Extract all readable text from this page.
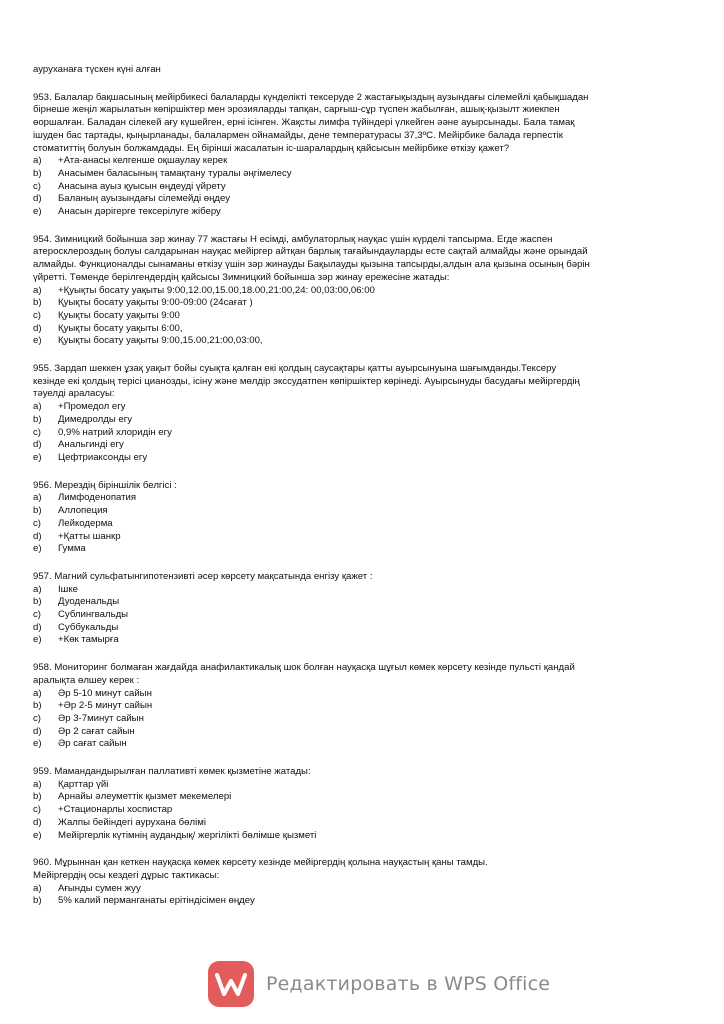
ауруханаға түскен күні алған
953. Балалар бақшасының мейірбикесі балаларды күнделікті тексеруде 2 жастағықыздың аузындағы сілемейлі қабықшадан
бірнеше жеңіл жарылатын көпіршіктер мен эрозияларды тапқан, сарғыш-сұр түспен жабылған, ашық-қызылт жиекпен
өоршалған. Баладан сілекей ағу күшейген, ерні ісінген. Жақсты лимфа түйіндері үлкейген әәне ауырсынады. Бала тамақ
ішуден бас тартады, қыңырланады, балалармен ойнамайды, дене температурасы 37,3ºС. Мейірбике балада герпестік
стоматиттің болуын болжамдады. Ең бірінші жасалатын іс-шаралардың қайсысын мейірбике өткізу қажет?
a)	+Ата-анасы келгенше оқшаулау керек
b)	Анасымен баласының тамақтану туралы әңгімелесу
c)	Анасына ауыз қуысын өңдеуді үйрету
d)	Баланың ауызындағы сілемейді өңдеу
e)	Анасын дәрігерге тексерілуге жіберу
954. Зимницкий бойынша зәр жинау 77 жастағы Н есімді, амбулаторлық науқас үшін күрделі тапсырма. Егде жаспен
атеросклероздың болуы салдарынан науқас мейіргер айтқан барлық тағайындауларды есте сақтай алмайды және орындай
алмайды. Функционалды сынаманы өткізу үшін зәр жинауды Бақылауды қызына тапсырды,алдын ала қызына осының бәрін
үйретті. Төменде берілгендердің қайсысы Зимницкий бойынша зәр жинау ережесіне жатады:
a)	+Қуықты босату уақыты 9:00,12.00,15.00,18.00,21:00,24: 00,03:00,06:00
b)	Қуықты босату уақыты 9:00-09:00 (24сағат )
c)	Қуықты босату уақыты 9:00
d)	Қуықты босату уақыты 6:00,
e)	Қуықты босату уақыты 9:00,15.00,21:00,03:00,
955. Зардап шеккен ұзақ уақыт бойы суықта қалған екі қолдың саусақтары қатты ауырсынуына шағымданды.Тексеру
кезінде екі қолдың терісі цианозды, ісіну және мөлдір экссудатпен көпіршіктер көрінеді. Ауырсынуды басудағы мейіргердің
тәуелді араласуы:
a)	+Промедол егу
b)	Димедролды егу
c)	0,9% натрий хлоридін егу
d)	Анальгинді егу
e)	Цефтриаксонды егу
956. Мерездің біріншілік белгісі :
a)	Лимфоденопатия
b)	Аллопеция
c)	Лейкодерма
d)	+Қатты шанкр
e)	Гумма
957. Магний сульфатынгипотензивті әсер көрсету мақсатында енгізу қажет :
a)	Ішке
b)	Дуоденальды
c)	Сублингвальды
d)	Суббукальды
e)	+Көк тамырға
958. Мониторинг болмаған жағдайда анафилактикалық шок болған науқасқа шұғыл көмек көрсету кезінде пульсті қандай
аралықта өлшеу керек :
a)	Әр 5-10 минут сайын
b)	+Әр 2-5 минут сайын
c)	Әр 3-7минут сайын
d)	Әр 2 сағат сайын
e)	Әр сағат сайын
959. Мамандандырылған паллативті көмек қызметіне жатады:
a)	Қарттар үйі
b)	Арнайы әлеуметтік қызмет мекемелері
c)	+Стационарлы хоспистар
d)	Жалпы бейіндегі аурухана бөлімі
e)	Мейіргерлік күтімнің аудандық/ жергілікті бөлімше қызметі
960. Мұрыннан қан кеткен науқасқа көмек көрсету кезінде мейіргердің қолына науқастың қаны тамды.
Мейіргердің осы кездегі дұрыс тактикасы:
a)	Ағынды сумен жуу
b)	5% калий перманганаты ерітіндісімен өңдеу
Редактировать в WPS Office
